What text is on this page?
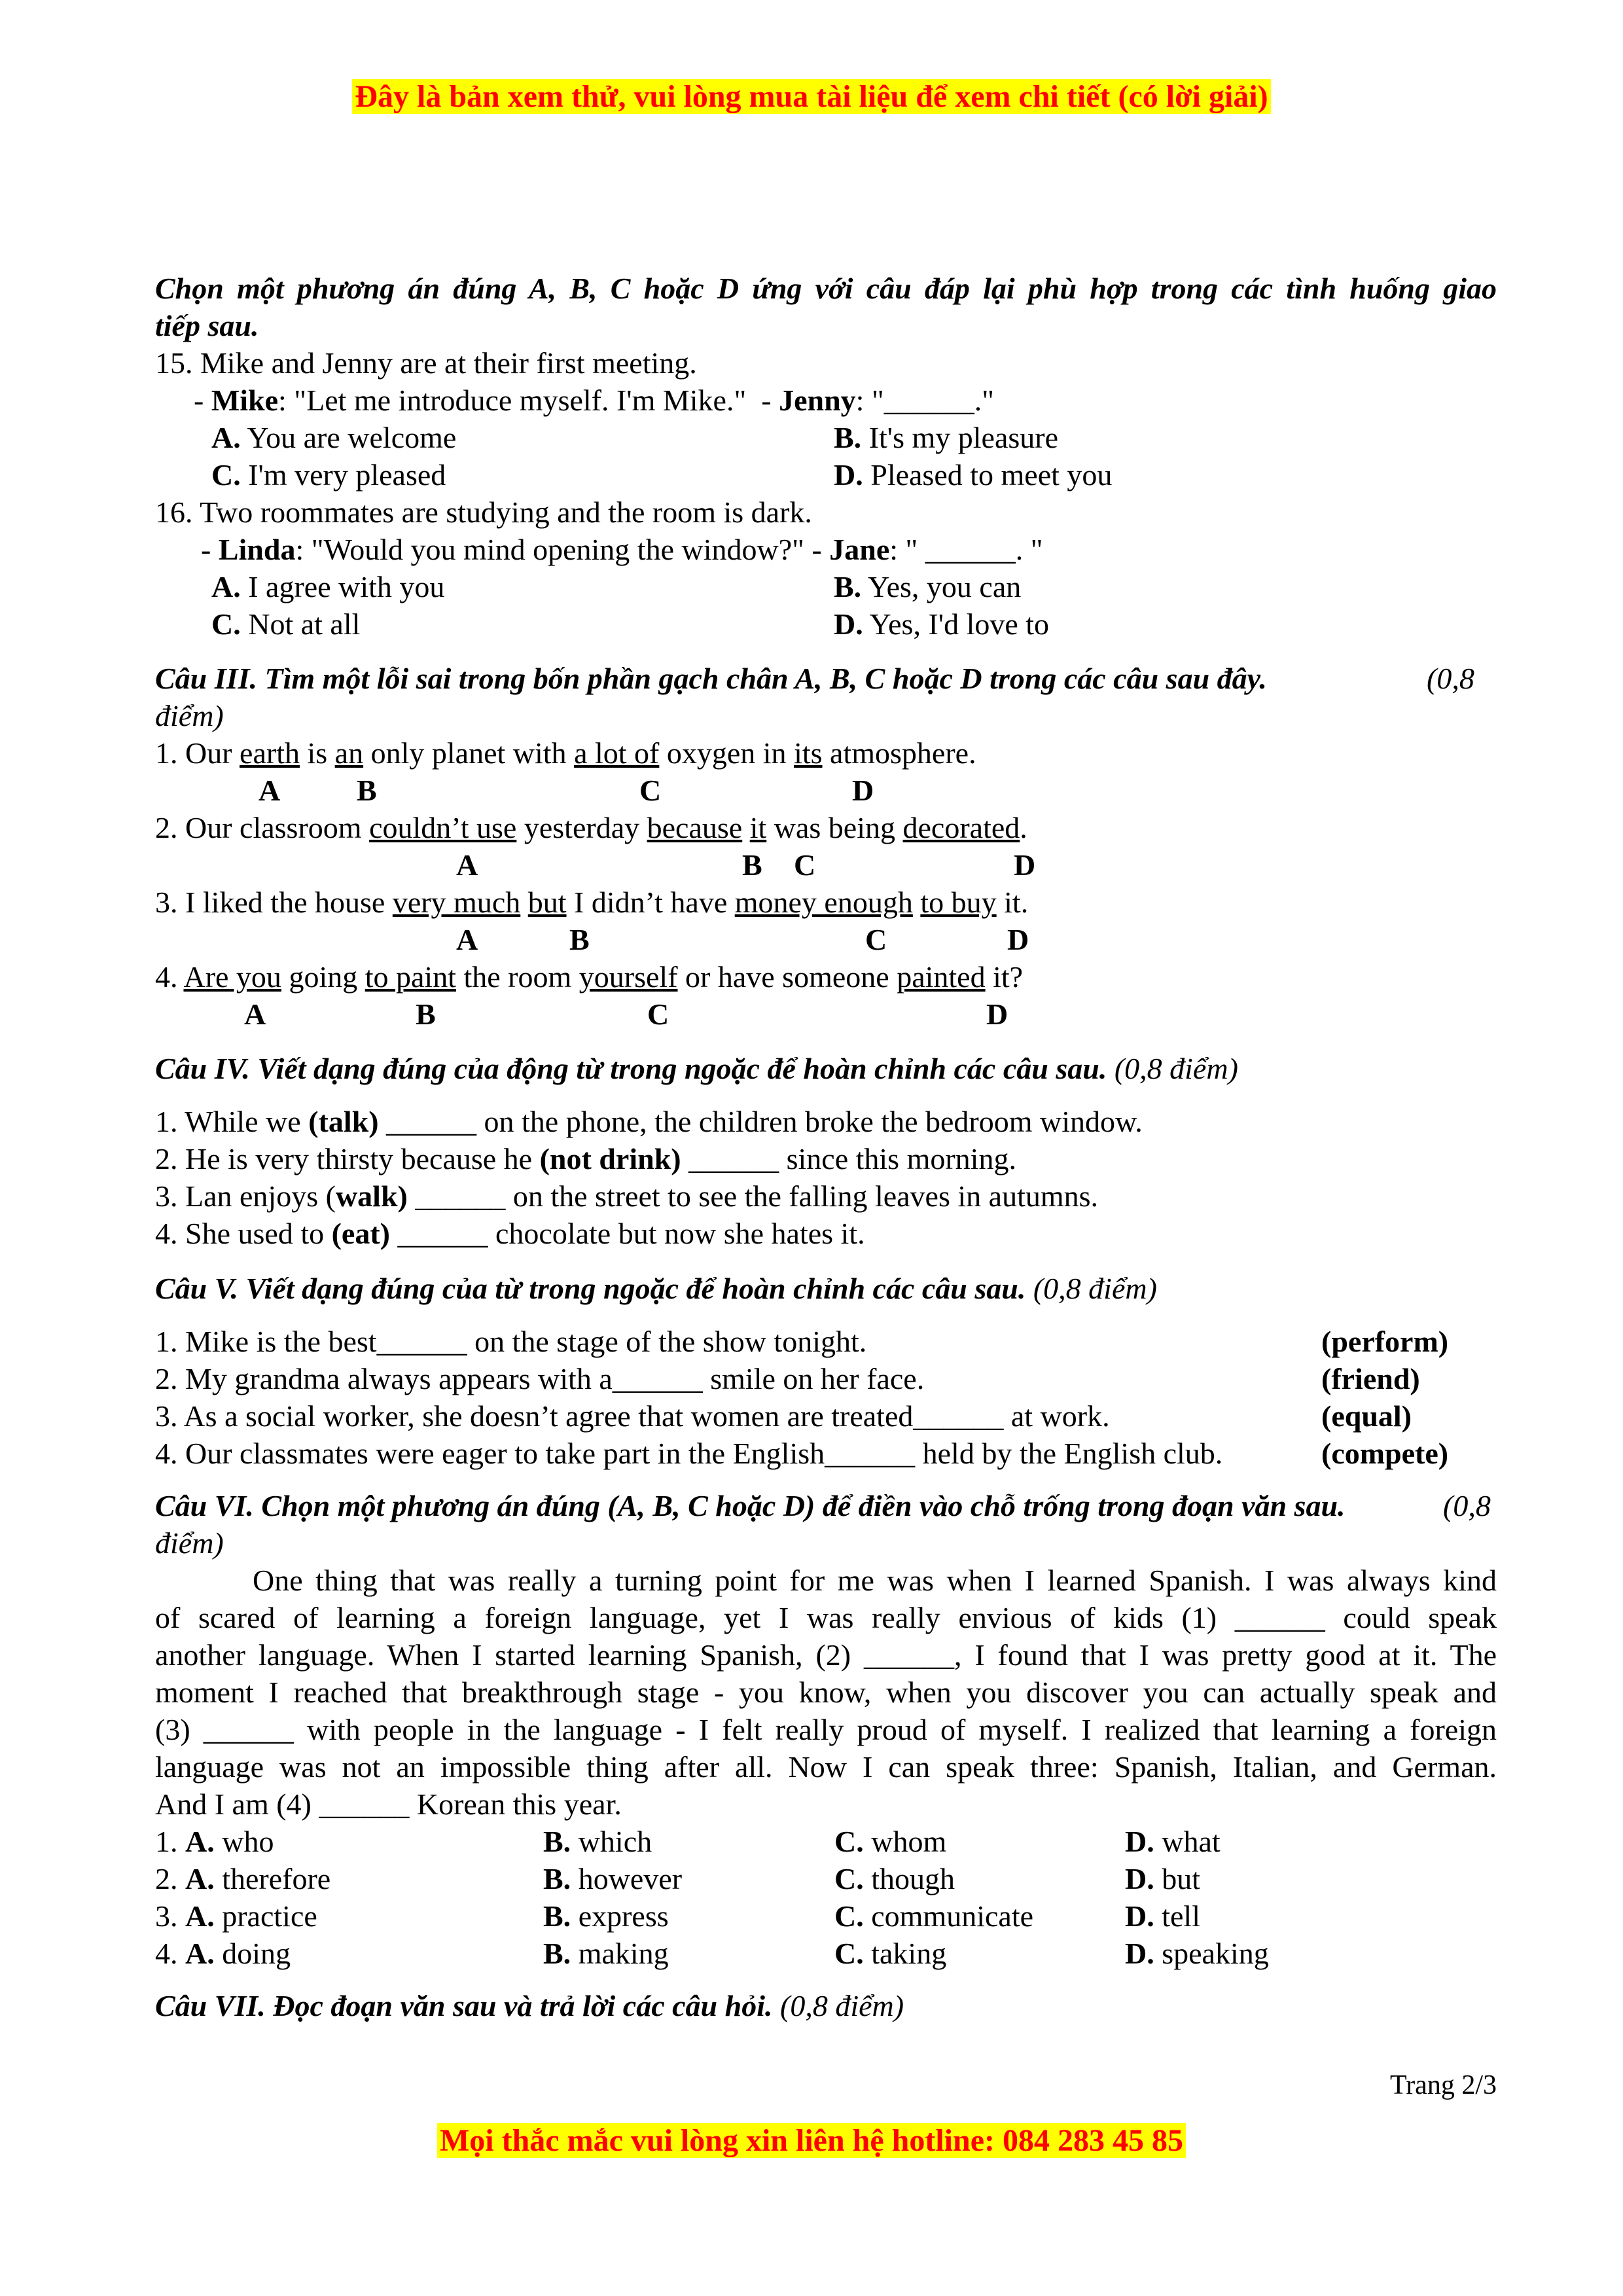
Đây là bản xem thử, vui lòng mua tài liệu để xem chi tiết (có lời giải)
Chọn một phương án đúng A, B, C hoặc D ứng với câu đáp lại phù hợp trong các tình huống giao
tiếp sau.
15. Mike and Jenny are at their first meeting.
- Mike: "Let me introduce myself. I'm Mike."  - Jenny: "______."
A. You are welcome	B. It's my pleasure
C. I'm very pleased	D. Pleased to meet you
16. Two roommates are studying and the room is dark.
- Linda: "Would you mind opening the window?" - Jane: " ______. "
A. I agree with you	B. Yes, you can
C. Not at all	D. Yes, I'd love to
Câu III. Tìm một lỗi sai trong bốn phần gạch chân A, B, C hoặc D trong các câu sau đây.	(0,8
điểm)
1. Our earth is an only planet with a lot of oxygen in its atmosphere.
A	B	C	D
2. Our classroom couldn’t use yesterday because it was being decorated.
A	B C	D
3. I liked the house very much but I didn’t have money enough to buy it.
A	B	C	D
4. Are you going to paint the room yourself or have someone painted it?
A	B	C	D
Câu IV. Viết dạng đúng của động từ trong ngoặc để hoàn chỉnh các câu sau. (0,8 điểm)
1. While we (talk) ______ on the phone, the children broke the bedroom window.
2. He is very thirsty because he (not drink) ______ since this morning.
3. Lan enjoys (walk) ______ on the street to see the falling leaves in autumns.
4. She used to (eat) ______ chocolate but now she hates it.
Câu V. Viết dạng đúng của từ trong ngoặc để hoàn chỉnh các câu sau. (0,8 điểm)
1. Mike is the best______ on the stage of the show tonight.	(perform)
2. My grandma always appears with a______ smile on her face.	(friend)
3. As a social worker, she doesn’t agree that women are treated______ at work.	(equal)
4. Our classmates were eager to take part in the English______ held by the English club.	(compete)
Câu VI. Chọn một phương án đúng (A, B, C hoặc D) để điền vào chỗ trống trong đoạn văn sau.	(0,8
điểm)
One thing that was really a turning point for me was when I learned Spanish. I was always kind
of scared of learning a foreign language, yet I was really envious of kids (1) ______ could speak
another language. When I started learning Spanish, (2) ______, I found that I was pretty good at it. The
moment I reached that breakthrough stage - you know, when you discover you can actually speak and
(3) ______ with people in the language - I felt really proud of myself. I realized that learning a foreign
language was not an impossible thing after all. Now I can speak three: Spanish, Italian, and German.
And I am (4) ______ Korean this year.
1. A. who	B. which	C. whom	D. what
2. A. therefore	B. however	C. though	D. but
3. A. practice	B. express	C. communicate	D. tell
4. A. doing	B. making	C. taking	D. speaking
Câu VII. Đọc đoạn văn sau và trả lời các câu hỏi. (0,8 điểm)
Trang 2/3
Mọi thắc mắc vui lòng xin liên hệ hotline: 084 283 45 85
